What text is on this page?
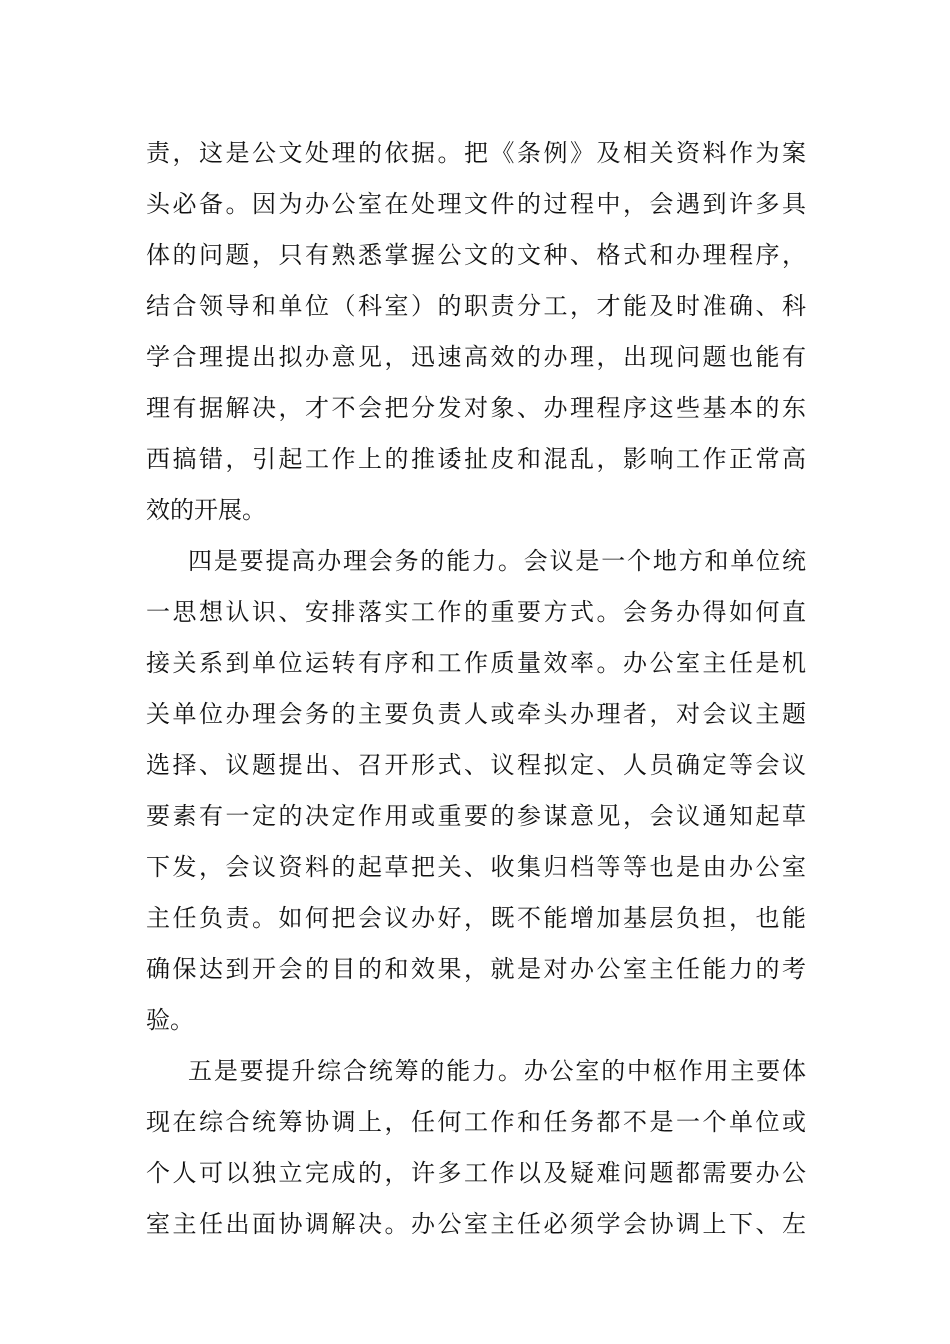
责，这是公文处理的依据。把《条例》及相关资料作为案
头必备。因为办公室在处理文件的过程中，会遇到许多具
体的问题，只有熟悉掌握公文的文种、格式和办理程序，
结合领导和单位（科室）的职责分工，才能及时准确、科
学合理提出拟办意见，迅速高效的办理，出现问题也能有
理有据解决，才不会把分发对象、办理程序这些基本的东
西搞错，引起工作上的推诿扯皮和混乱，影响工作正常高
效的开展。
四是要提高办理会务的能力。会议是一个地方和单位统
一思想认识、安排落实工作的重要方式。会务办得如何直
接关系到单位运转有序和工作质量效率。办公室主任是机
关单位办理会务的主要负责人或牵头办理者，对会议主题
选择、议题提出、召开形式、议程拟定、人员确定等会议
要素有一定的决定作用或重要的参谋意见，会议通知起草
下发，会议资料的起草把关、收集归档等等也是由办公室
主任负责。如何把会议办好，既不能增加基层负担，也能
确保达到开会的目的和效果，就是对办公室主任能力的考
验。
五是要提升综合统筹的能力。办公室的中枢作用主要体
现在综合统筹协调上，任何工作和任务都不是一个单位或
个人可以独立完成的，许多工作以及疑难问题都需要办公
室主任出面协调解决。办公室主任必须学会协调上下、左
